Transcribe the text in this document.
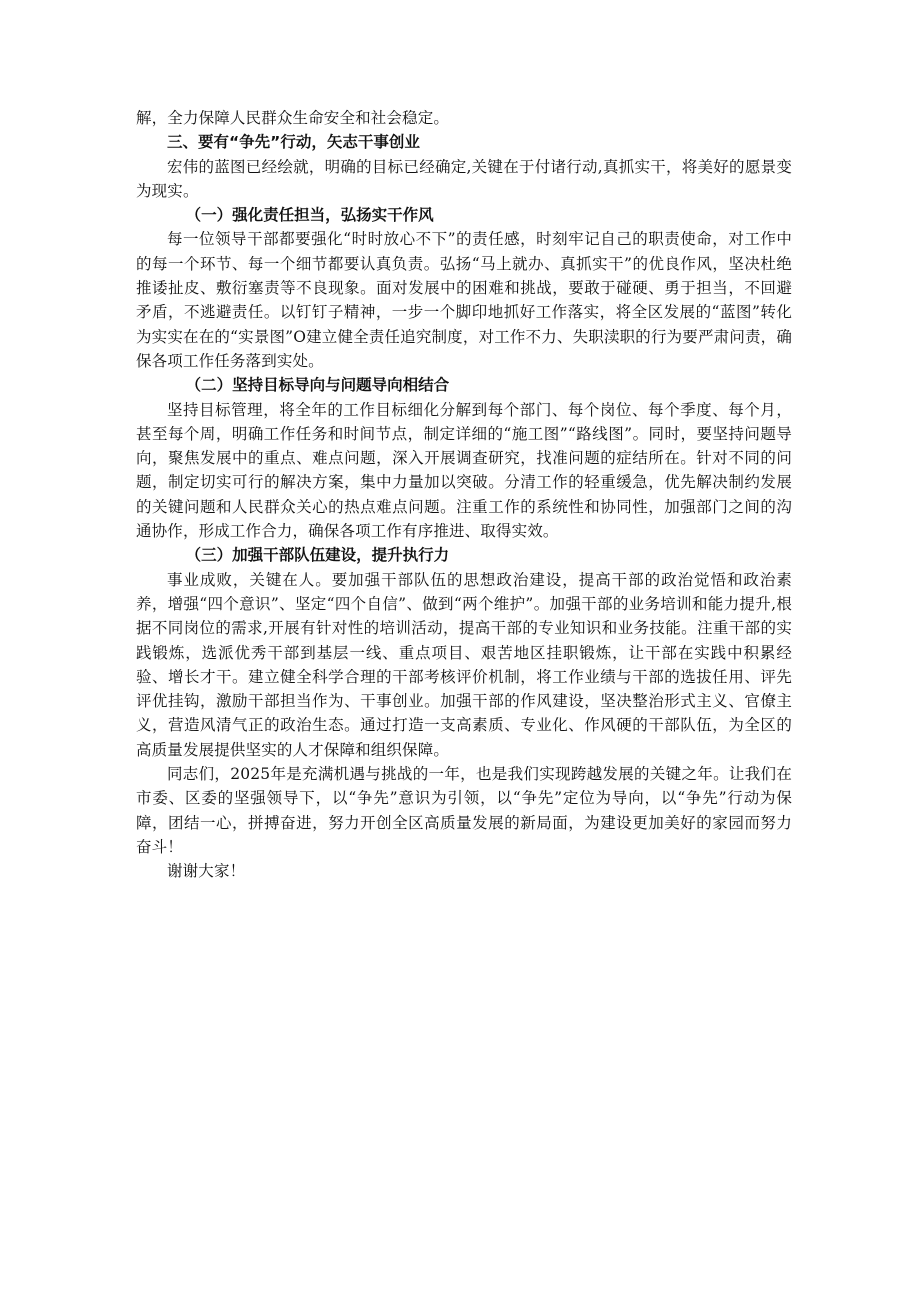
解，全力保障人民群众生命安全和社会稳定。

三、要有“争先”行动，矢志干事创业

宏伟的蓝图已经绘就，明确的目标已经确定,关键在于付诸行动,真抓实干，将美好的愿景变为现实。

（一）强化责任担当，弘扬实干作风

每一位领导干部都要强化“时时放心不下”的责任感，时刻牢记自己的职责使命，对工作中的每一个环节、每一个细节都要认真负责。弘扬“马上就办、真抓实干”的优良作风，坚决杜绝推诿扯皮、敷衍塞责等不良现象。面对发展中的困难和挑战，要敢于碰硬、勇于担当，不回避矛盾，不逃避责任。以钉钉子精神，一步一个脚印地抓好工作落实，将全区发展的“蓝图”转化为实实在在的“实景图”O建立健全责任追究制度，对工作不力、失职渎职的行为要严肃问责，确保各项工作任务落到实处。

（二）坚持目标导向与问题导向相结合

坚持目标管理，将全年的工作目标细化分解到每个部门、每个岗位、每个季度、每个月，甚至每个周，明确工作任务和时间节点，制定详细的“施工图”“路线图”。同时，要坚持问题导向，聚焦发展中的重点、难点问题，深入开展调查研究，找准问题的症结所在。针对不同的问题，制定切实可行的解决方案，集中力量加以突破。分清工作的轻重缓急，优先解决制约发展的关键问题和人民群众关心的热点难点问题。注重工作的系统性和协同性，加强部门之间的沟通协作，形成工作合力，确保各项工作有序推进、取得实效。

（三）加强干部队伍建设，提升执行力

事业成败，关键在人。要加强干部队伍的思想政治建设，提高干部的政治觉悟和政治素养，增强“四个意识”、坚定“四个自信”、做到“两个维护”。加强干部的业务培训和能力提升,根据不同岗位的需求,开展有针对性的培训活动，提高干部的专业知识和业务技能。注重干部的实践锻炼，选派优秀干部到基层一线、重点项目、艰苦地区挂职锻炼，让干部在实践中积累经验、增长才干。建立健全科学合理的干部考核评价机制，将工作业绩与干部的选拔任用、评先评优挂钩，激励干部担当作为、干事创业。加强干部的作风建设，坚决整治形式主义、官僚主义，营造风清气正的政治生态。通过打造一支高素质、专业化、作风硬的干部队伍，为全区的高质量发展提供坚实的人才保障和组织保障。

同志们，2025年是充满机遇与挑战的一年，也是我们实现跨越发展的关键之年。让我们在市委、区委的坚强领导下，以“争先”意识为引领，以“争先”定位为导向，以“争先”行动为保障，团结一心，拼搏奋进，努力开创全区高质量发展的新局面，为建设更加美好的家园而努力奋斗！

谢谢大家！
